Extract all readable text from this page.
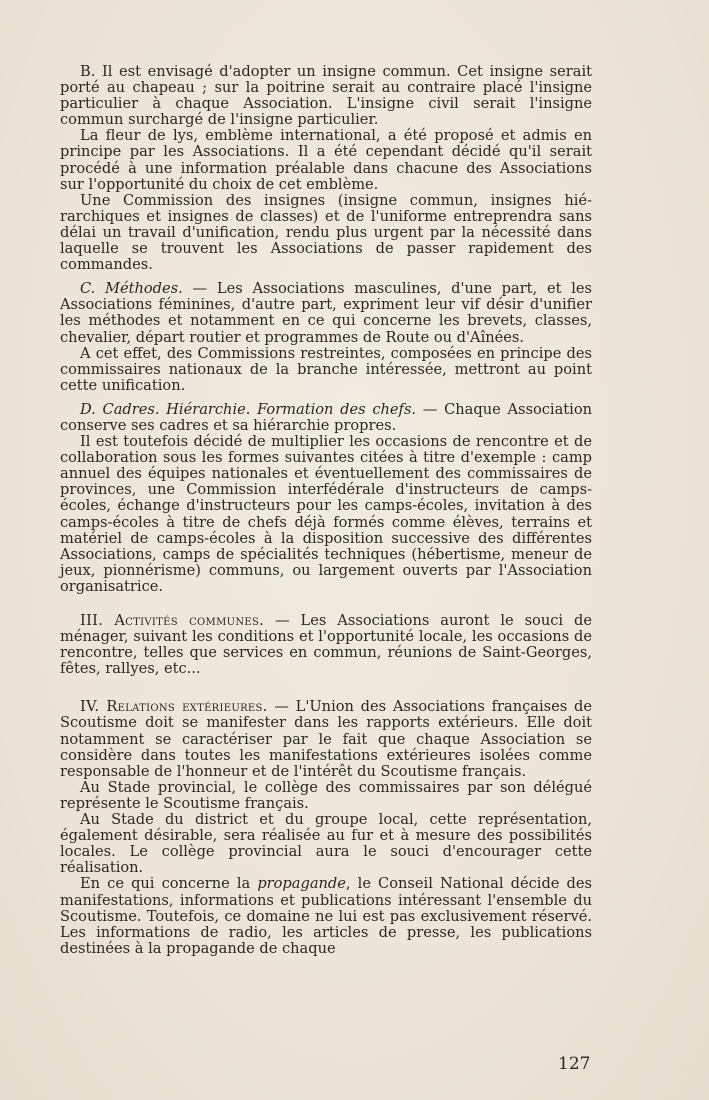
B. Il est envisagé d'adopter un insigne commun. Cet insigne serait porté au chapeau ; sur la poitrine serait au contraire placé l'insigne particulier à chaque Association. L'insigne civil serait l'insigne commun surchargé de l'insigne particulier.

La fleur de lys, emblème international, a été proposé et admis en principe par les Associations. Il a été cependant décidé qu'il serait procédé à une information préalable dans chacune des Associations sur l'opportunité du choix de cet emblème.

Une Commission des insignes (insigne commun, insignes hiérarchiques et insignes de classes) et de l'uniforme entreprendra sans délai un travail d'unification, rendu plus urgent par la nécessité dans laquelle se trouvent les Associations de passer rapidement des commandes.

C. Méthodes. — Les Associations masculines, d'une part, et les Associations féminines, d'autre part, expriment leur vif désir d'unifier les méthodes et notamment en ce qui concerne les brevets, classes, chevalier, départ routier et programmes de Route ou d'Aînées.

A cet effet, des Commissions restreintes, composées en principe des commissaires nationaux de la branche intéressée, mettront au point cette unification.

D. Cadres. Hiérarchie. Formation des chefs. — Chaque Association conserve ses cadres et sa hiérarchie propres.

Il est toutefois décidé de multiplier les occasions de rencontre et de collaboration sous les formes suivantes citées à titre d'exemple : camp annuel des équipes nationales et éventuellement des commissaires de provinces, une Commission interfédérale d'instructeurs de camps-écoles, échange d'instructeurs pour les camps-écoles, invitation à des camps-écoles à titre de chefs déjà formés comme élèves, terrains et matériel de camps-écoles à la disposition successive des différentes Associations, camps de spécialités techniques (hébertisme, meneur de jeux, pionnérisme) communs, ou largement ouverts par l'Association organisatrice.

III. Activités communes. — Les Associations auront le souci de ménager, suivant les conditions et l'opportunité locale, les occasions de rencontre, telles que services en commun, réunions de Saint-Georges, fêtes, rallyes, etc...

IV. Relations extérieures. — L'Union des Associations françaises de Scoutisme doit se manifester dans les rapports extérieurs. Elle doit notamment se caractériser par le fait que chaque Association se considère dans toutes les manifestations extérieures isolées comme responsable de l'honneur et de l'intérêt du Scoutisme français.

Au Stade provincial, le collège des commissaires par son délégué représente le Scoutisme français.

Au Stade du district et du groupe local, cette représentation, également désirable, sera réalisée au fur et à mesure des possibilités locales. Le collège provincial aura le souci d'encourager cette réalisation.

En ce qui concerne la propagande, le Conseil National décide des manifestations, informations et publications intéressant l'ensemble du Scoutisme. Toutefois, ce domaine ne lui est pas exclusivement réservé. Les informations de radio, les articles de presse, les publications destinées à la propagande de chaque

127
